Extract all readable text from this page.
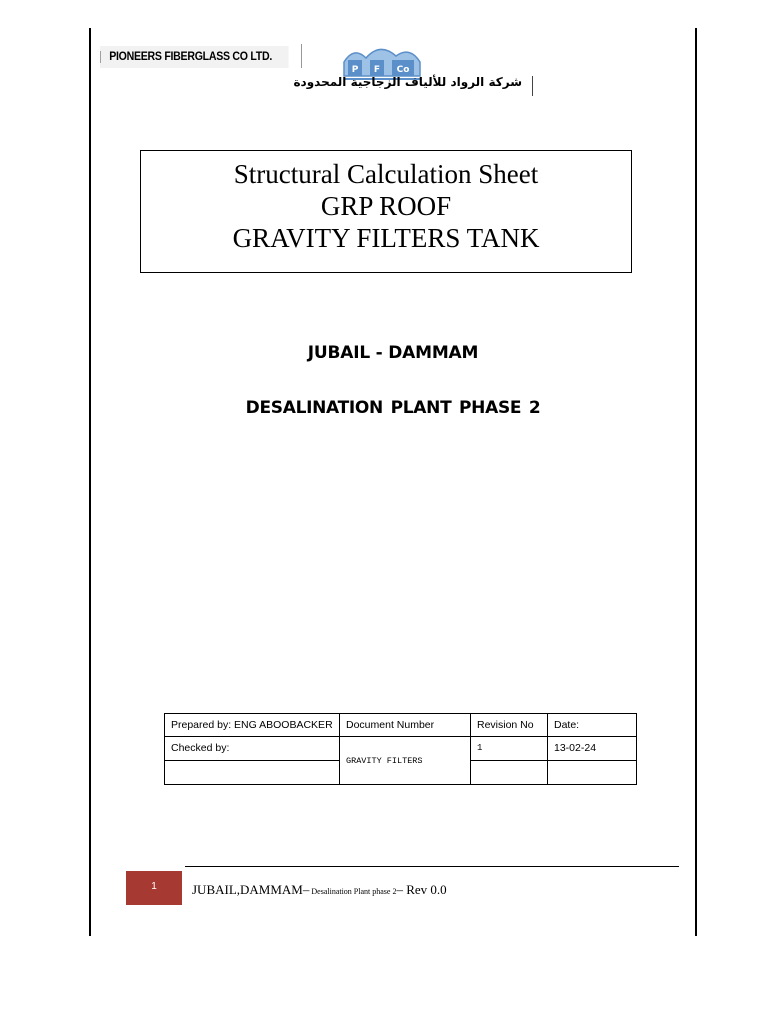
PIONEERS FIBERGLASS CO LTD.
P F Co
شركة الرواد للألياف الزجاجية المحدودة
Structural Calculation Sheet
GRP ROOF
GRAVITY FILTERS TANK
JUBAIL - DAMMAM
DESALINATION PLANT PHASE 2
Prepared by: ENG ABOOBACKER	Document Number	Revision No	Date:
Checked by:	GRAVITY FILTERS	1	13-02-24

1	JUBAIL,DAMMAM– Desalination Plant phase 2– Rev 0.0
